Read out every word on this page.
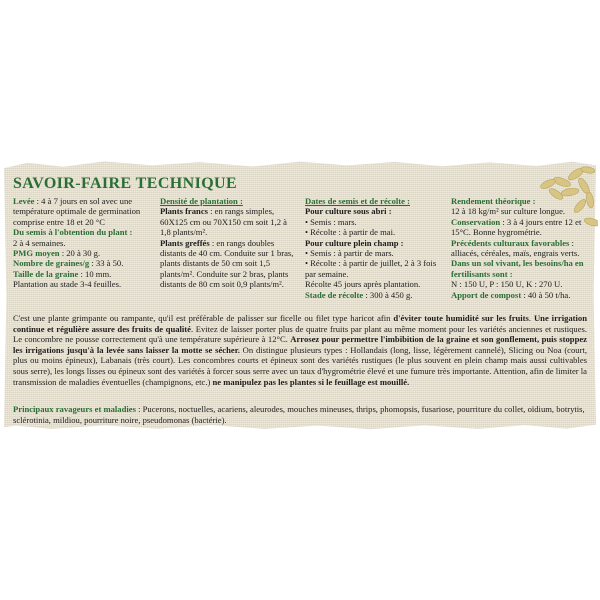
SAVOIR-FAIRE TECHNIQUE
Levée : 4 à 7 jours en sol avec une température optimale de germination comprise entre 18 et 20 °C
Du semis à l'obtention du plant :
2 à 4 semaines.
PMG moyen : 20 à 30 g.
Nombre de graines/g : 33 à 50.
Taille de la graine : 10 mm.
Plantation au stade 3-4 feuilles.
Densité de plantation :
Plants francs : en rangs simples, 60X125 cm ou 70X150 cm soit 1,2 à 1,8 plants/m².
Plants greffés : en rangs doubles distants de 40 cm. Conduite sur 1 bras, plants distants de 50 cm soit 1,5 plants/m². Conduite sur 2 bras, plants distants de 80 cm soit 0,9 plants/m².
Dates de semis et de récolte :
Pour culture sous abri :
• Semis : mars.
• Récolte : à partir de mai.
Pour culture plein champ :
• Semis : à partir de mars.
• Récolte : à partir de juillet, 2 à 3 fois par semaine.
Récolte 45 jours après plantation.
Stade de récolte : 300 à 450 g.
Rendement théorique :
12 à 18 kg/m² sur culture longue.
Conservation : 3 à 4 jours entre 12 et 15°C. Bonne hygrométrie.
Précédents culturaux favorables : alliacés, céréales, maïs, engrais verts.
Dans un sol vivant, les besoins/ha en fertilisants sont :
N : 150 U, P : 150 U, K : 270 U.
Apport de compost : 40 à 50 t/ha.
C'est une plante grimpante ou rampante, qu'il est préférable de palisser sur ficelle ou filet type haricot afin d'éviter toute humidité sur les fruits. Une irrigation continue et régulière assure des fruits de qualité. Evitez de laisser porter plus de quatre fruits par plant au même moment pour les variétés anciennes et rustiques. Le concombre ne pousse correctement qu'à une température supérieure à 12°C. Arrosez pour permettre l'imbibition de la graine et son gonflement, puis stoppez les irrigations jusqu'à la levée sans laisser la motte se sécher. On distingue plusieurs types : Hollandais (long, lisse, légèrement cannelé), Slicing ou Noa (court, plus ou moins épineux), Labanais (très court). Les concombres courts et épineux sont des variétés rustiques (le plus souvent en plein champ mais aussi cultivables sous serre), les longs lisses ou épineux sont des variétés à forcer sous serre avec un taux d'hygrométrie élevé et une fumure très importante. Attention, afin de limiter la transmission de maladies éventuelles (champignons, etc.) ne manipulez pas les plantes si le feuillage est mouillé.
Principaux ravageurs et maladies : Pucerons, noctuelles, acariens, aleurodes, mouches mineuses, thrips, phomopsis, fusariose, pourriture du collet, oïdium, botrytis, sclérotinia, mildiou, pourriture noire, pseudomonas (bactérie).
